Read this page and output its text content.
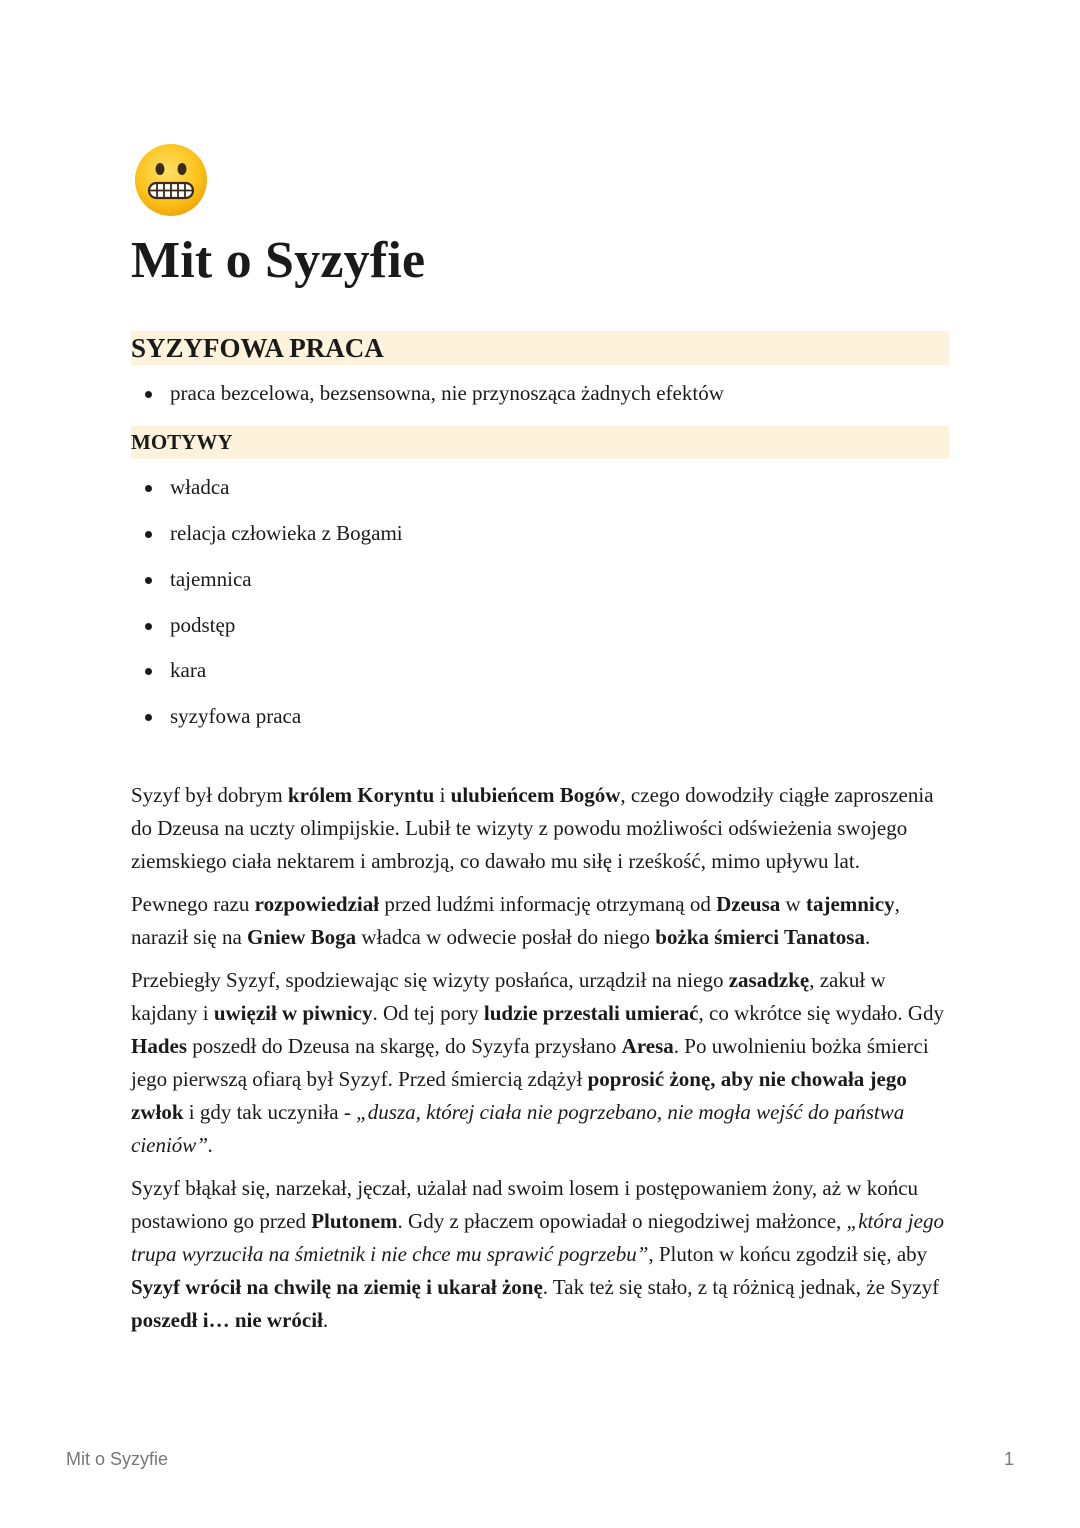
Mit o Syzyfie
SYZYFOWA PRACA
praca bezcelowa, bezsensowna, nie przynosząca żadnych efektów
MOTYWY
władca
relacja człowieka z Bogami
tajemnica
podstęp
kara
syzyfowa praca

Syzyf był dobrym królem Koryntu i ulubieńcem Bogów, czego dowodziły ciągłe zaproszenia do Dzeusa na uczty olimpijskie. Lubił te wizyty z powodu możliwości odświeżenia swojego ziemskiego ciała nektarem i ambrozją, co dawało mu siłę i rześkość, mimo upływu lat.

Pewnego razu rozpowiedział przed ludźmi informację otrzymaną od Dzeusa w tajemnicy, naraził się na Gniew Boga władca w odwecie posłał do niego bożka śmierci Tanatosa.

Przebiegły Syzyf, spodziewając się wizyty posłańca, urządził na niego zasadzkę, zakuł w kajdany i uwięził w piwnicy. Od tej pory ludzie przestali umierać, co wkrótce się wydało. Gdy Hades poszedł do Dzeusa na skargę, do Syzyfa przysłano Aresa. Po uwolnieniu bożka śmierci jego pierwszą ofiarą był Syzyf. Przed śmiercią zdążył poprosić żonę, aby nie chowała jego zwłok i gdy tak uczyniła - „dusza, której ciała nie pogrzebano, nie mogła wejść do państwa cieniów”.

Syzyf błąkał się, narzekał, jęczał, użalał nad swoim losem i postępowaniem żony, aż w końcu postawiono go przed Plutonem. Gdy z płaczem opowiadał o niegodziwej małżonce, „która jego trupa wyrzuciła na śmietnik i nie chce mu sprawić pogrzebu”, Pluton w końcu zgodził się, aby Syzyf wrócił na chwilę na ziemię i ukarał żonę. Tak też się stało, z tą różnicą jednak, że Syzyf poszedł i… nie wrócił.

Mit o Syzyfie	1
